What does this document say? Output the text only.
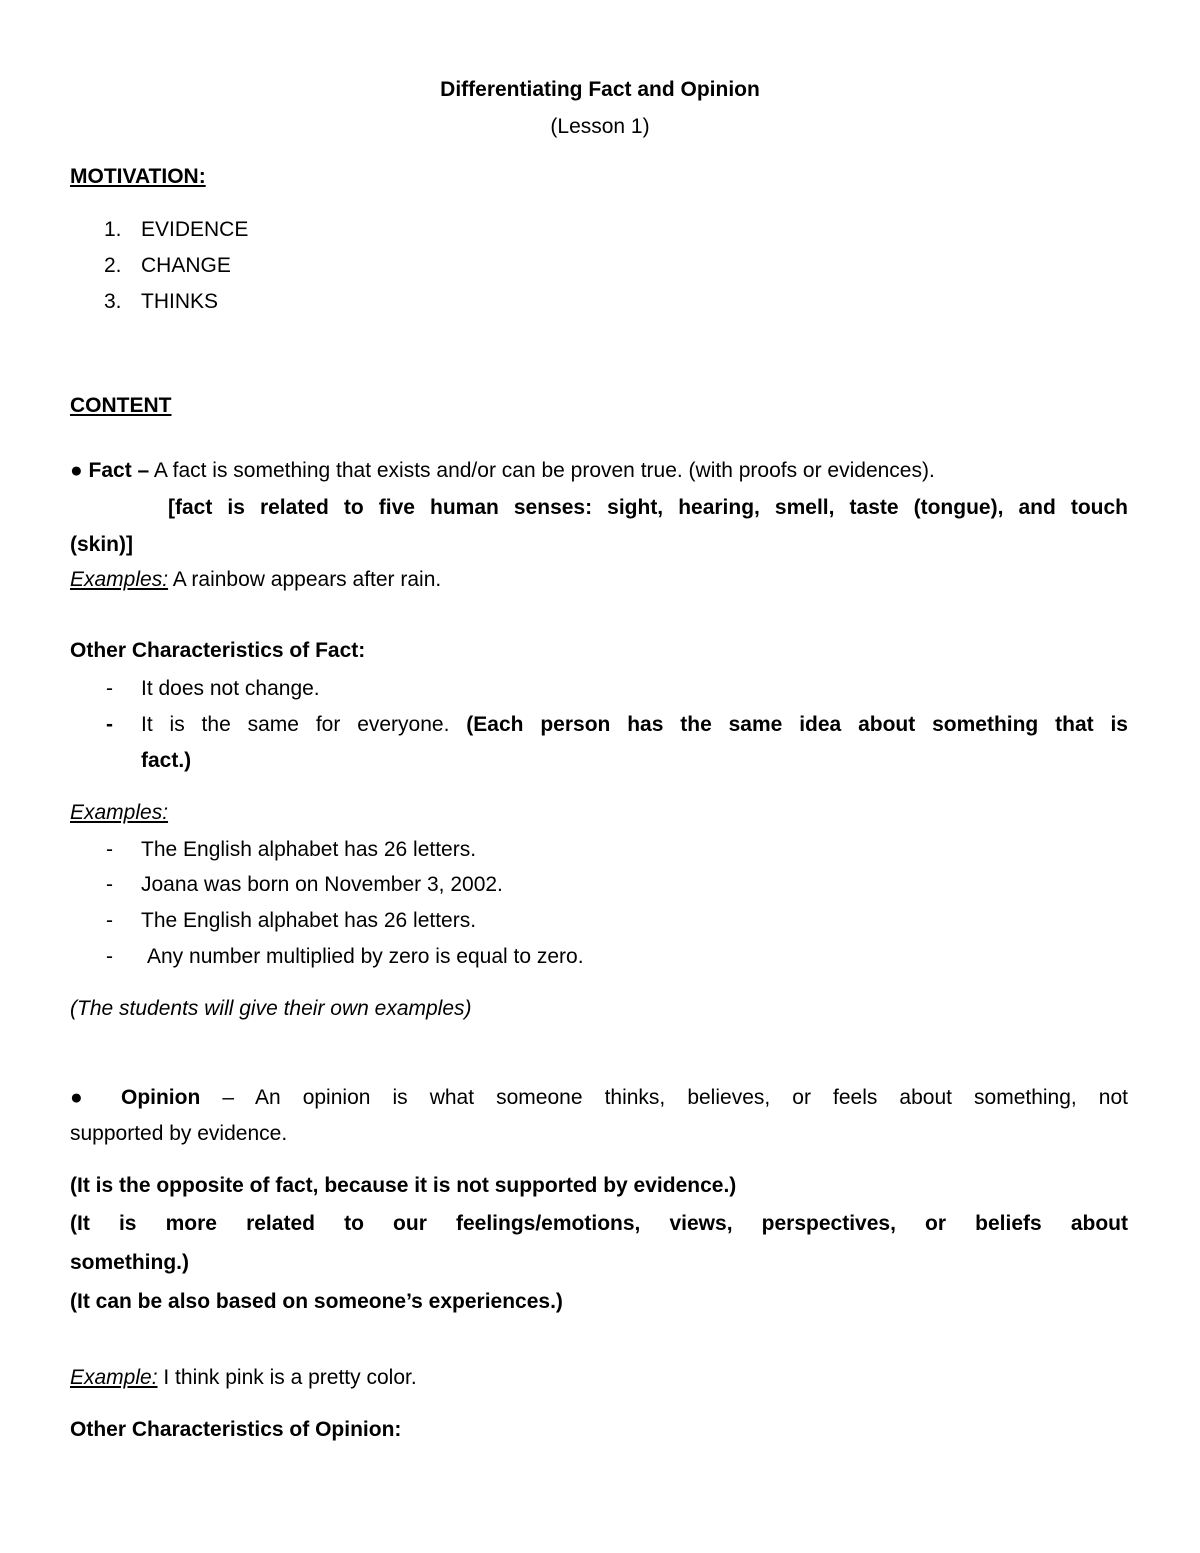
Differentiating Fact and Opinion
(Lesson 1)
MOTIVATION:
1. EVIDENCE
2. CHANGE
3. THINKS
CONTENT
● Fact – A fact is something that exists and/or can be proven true. (with proofs or evidences).
[fact is related to five human senses: sight, hearing, smell, taste (tongue), and touch
(skin)]
Examples: A rainbow appears after rain.
Other Characteristics of Fact:
- It does not change.
- It is the same for everyone. (Each person has the same idea about something that is
fact.)
Examples:
- The English alphabet has 26 letters.
- Joana was born on November 3, 2002.
- The English alphabet has 26 letters.
- Any number multiplied by zero is equal to zero.
(The students will give their own examples)
● Opinion – An opinion is what someone thinks, believes, or feels about something, not
supported by evidence.
(It is the opposite of fact, because it is not supported by evidence.)
(It is more related to our feelings/emotions, views, perspectives, or beliefs about
something.)
(It can be also based on someone’s experiences.)
Example: I think pink is a pretty color.
Other Characteristics of Opinion:
